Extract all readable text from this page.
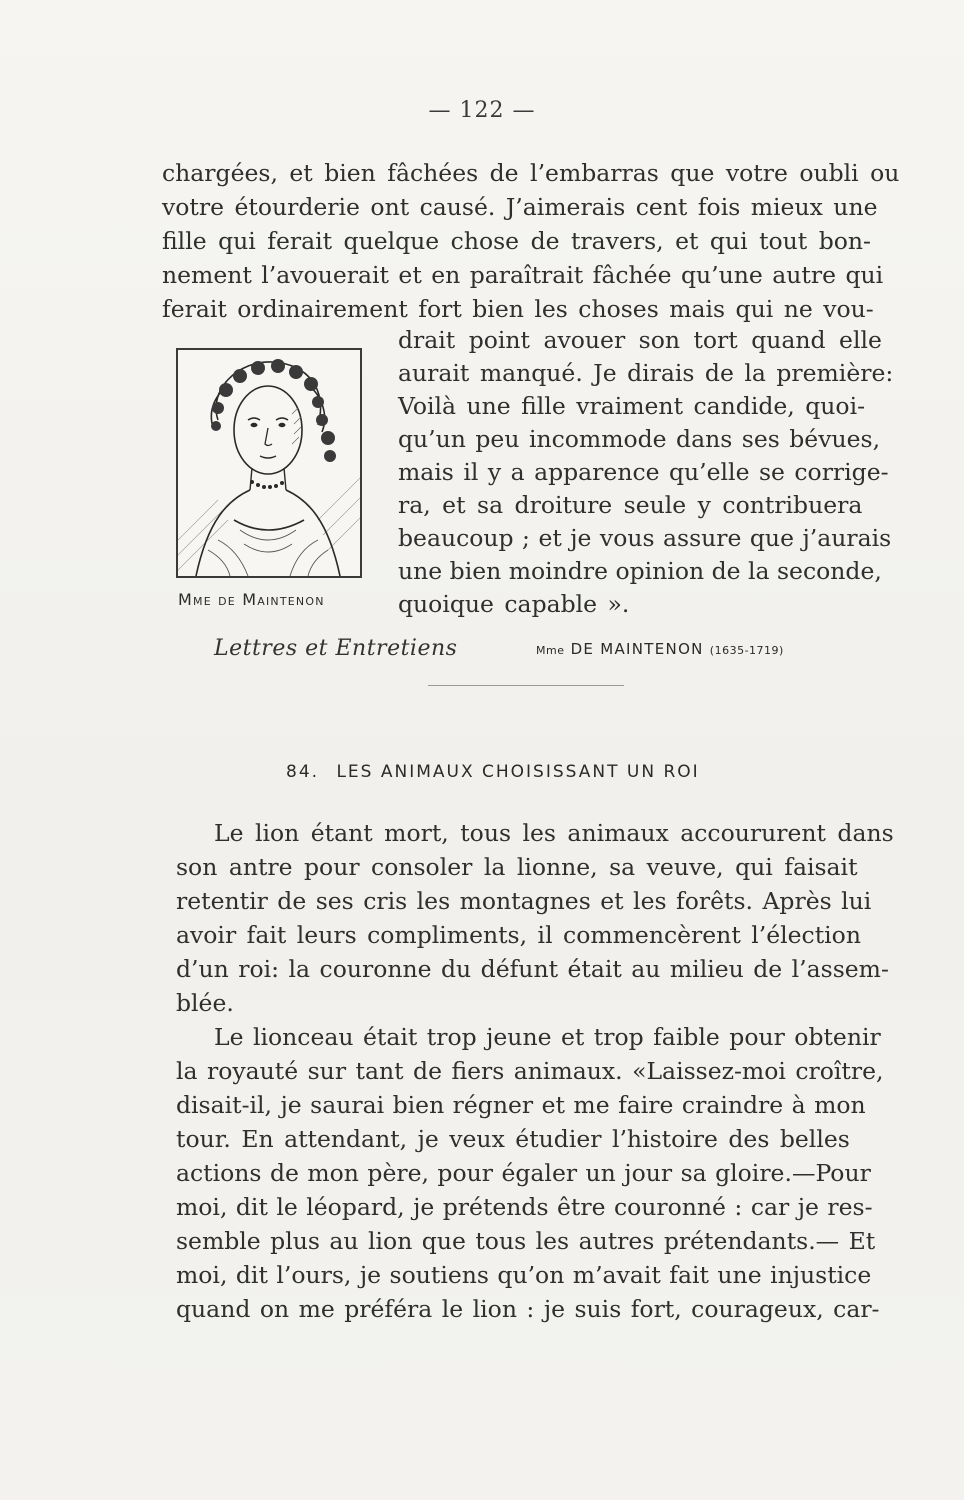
— 122 —
chargées, et bien fâchées de l’embarras que votre oubli ou
votre étourderie ont causé. J’aimerais cent fois mieux une
fille qui ferait quelque chose de travers, et qui tout bon-
nement l’avouerait et en paraîtrait fâchée qu’une autre qui
ferait ordinairement fort bien les choses mais qui ne vou-
drait point avouer son tort quand elle
aurait manqué. Je dirais de la première:
Voilà une fille vraiment candide, quoi-
qu’un peu incommode dans ses bévues,
mais il y a apparence qu’elle se corrige-
ra, et sa droiture seule y contribuera
beaucoup ; et je vous assure que j’aurais
une bien moindre opinion de la seconde,
quoique capable ».
Mme de Maintenon
Lettres et Entretiens	Mme DE MAINTENON (1635-1719)
84. LES ANIMAUX CHOISISSANT UN ROI
Le lion étant mort, tous les animaux accoururent dans
son antre pour consoler la lionne, sa veuve, qui faisait
retentir de ses cris les montagnes et les forêts. Après lui
avoir fait leurs compliments, il commencèrent l’élection
d’un roi: la couronne du défunt était au milieu de l’assem-
blée.
Le lionceau était trop jeune et trop faible pour obtenir
la royauté sur tant de fiers animaux. «Laissez-moi croître,
disait-il, je saurai bien régner et me faire craindre à mon
tour. En attendant, je veux étudier l’histoire des belles
actions de mon père, pour égaler un jour sa gloire.—Pour
moi, dit le léopard, je prétends être couronné : car je res-
semble plus au lion que tous les autres prétendants.— Et
moi, dit l’ours, je soutiens qu’on m’avait fait une injustice
quand on me préféra le lion : je suis fort, courageux, car-
